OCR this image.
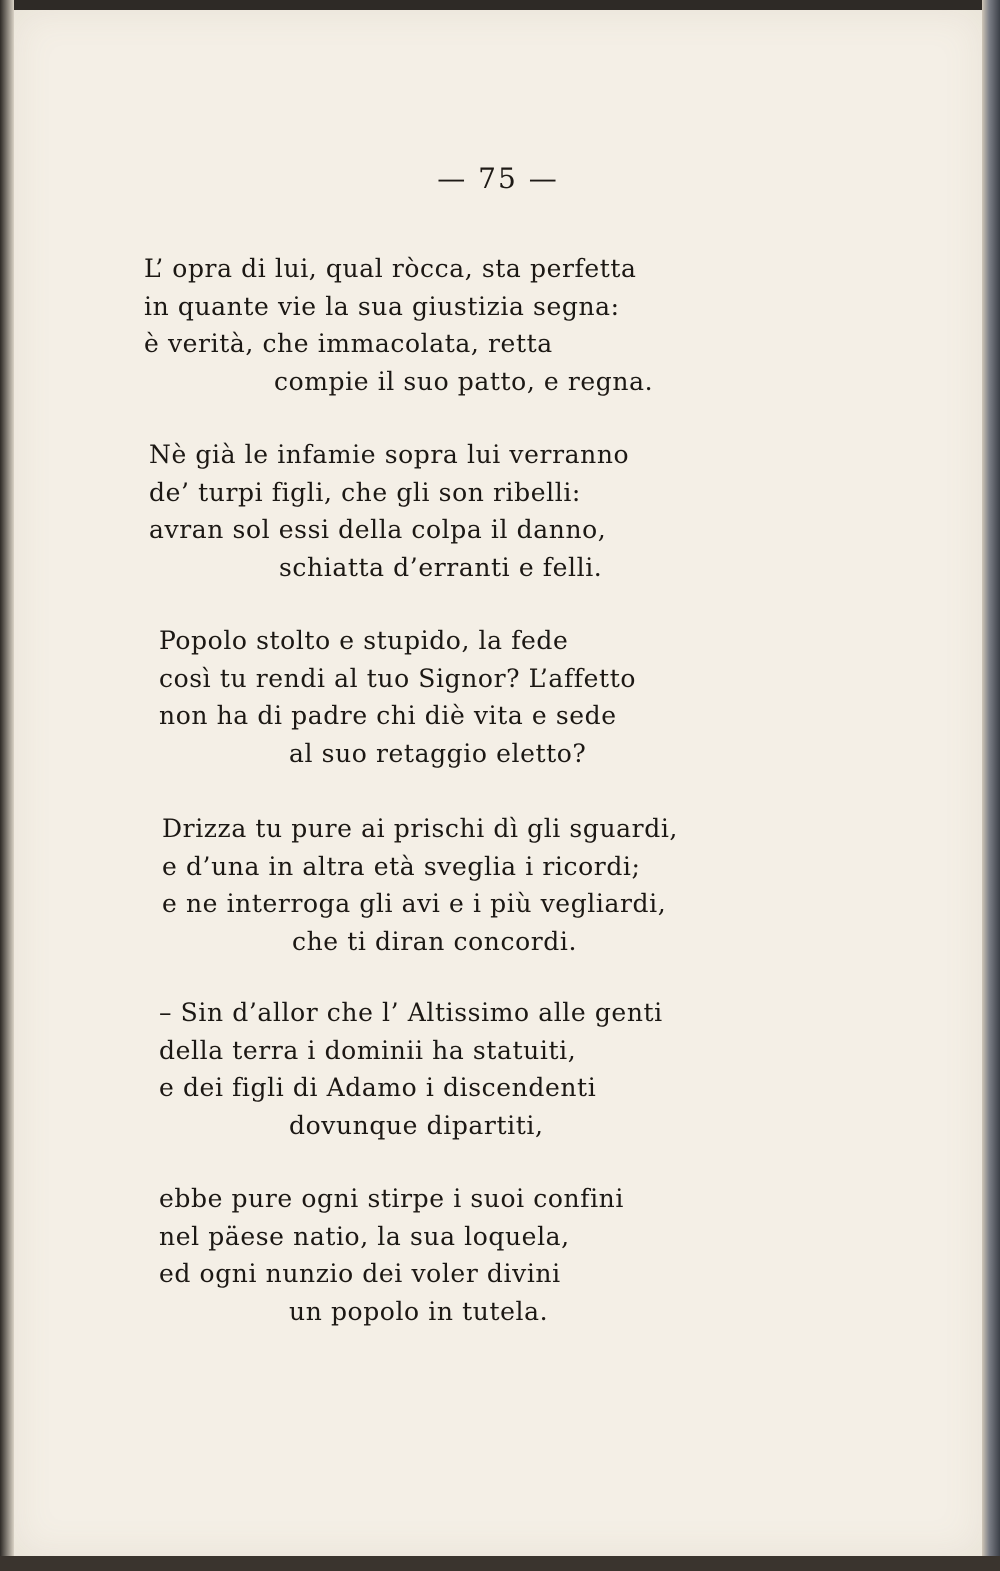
— 75 —
L’ opra di lui, qual ròcca, sta perfetta
in quante vie la sua giustizia segna:
è verità, che immacolata, retta
compie il suo patto, e regna.
Nè già le infamie sopra lui verranno
de’ turpi figli, che gli son ribelli:
avran sol essi della colpa il danno,
schiatta d’erranti e felli.
Popolo stolto e stupido, la fede
così tu rendi al tuo Signor? L’affetto
non ha di padre chi diè vita e sede
al suo retaggio eletto?
Drizza tu pure ai prischi dì gli sguardi,
e d’una in altra età sveglia i ricordi;
e ne interroga gli avi e i più vegliardi,
che ti diran concordi.
– Sin d’allor che l’ Altissimo alle genti
della terra i dominii ha statuiti,
e dei figli di Adamo i discendenti
dovunque dipartiti,
ebbe pure ogni stirpe i suoi confini
nel päese natio, la sua loquela,
ed ogni nunzio dei voler divini
un popolo in tutela.
